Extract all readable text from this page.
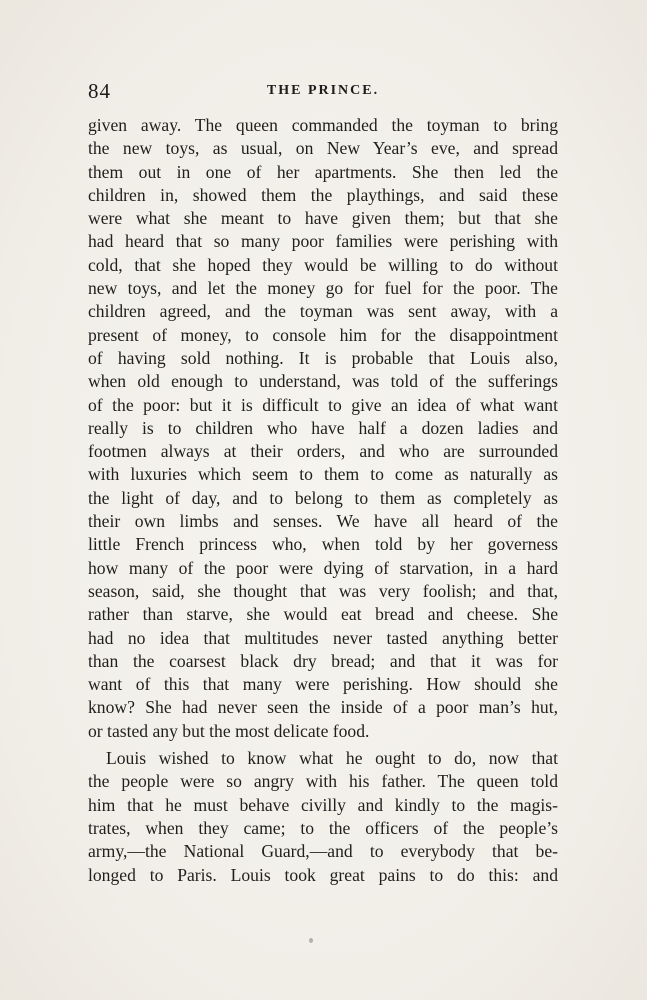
84	THE PRINCE.
given away. The queen commanded the toyman to bring
the new toys, as usual, on New Year’s eve, and spread
them out in one of her apartments. She then led the
children in, showed them the playthings, and said these
were what she meant to have given them; but that she
had heard that so many poor families were perishing with
cold, that she hoped they would be willing to do without
new toys, and let the money go for fuel for the poor. The
children agreed, and the toyman was sent away, with a
present of money, to console him for the disappointment
of having sold nothing. It is probable that Louis also,
when old enough to understand, was told of the sufferings
of the poor: but it is difficult to give an idea of what want
really is to children who have half a dozen ladies and
footmen always at their orders, and who are surrounded
with luxuries which seem to them to come as naturally as
the light of day, and to belong to them as completely as
their own limbs and senses. We have all heard of the
little French princess who, when told by her governess
how many of the poor were dying of starvation, in a hard
season, said, she thought that was very foolish; and that,
rather than starve, she would eat bread and cheese. She
had no idea that multitudes never tasted anything better
than the coarsest black dry bread; and that it was for
want of this that many were perishing. How should she
know? She had never seen the inside of a poor man’s hut,
or tasted any but the most delicate food.
Louis wished to know what he ought to do, now that
the people were so angry with his father. The queen told
him that he must behave civilly and kindly to the magis-
trates, when they came; to the officers of the people’s
army,—the National Guard,—and to everybody that be-
longed to Paris. Louis took great pains to do this: and
